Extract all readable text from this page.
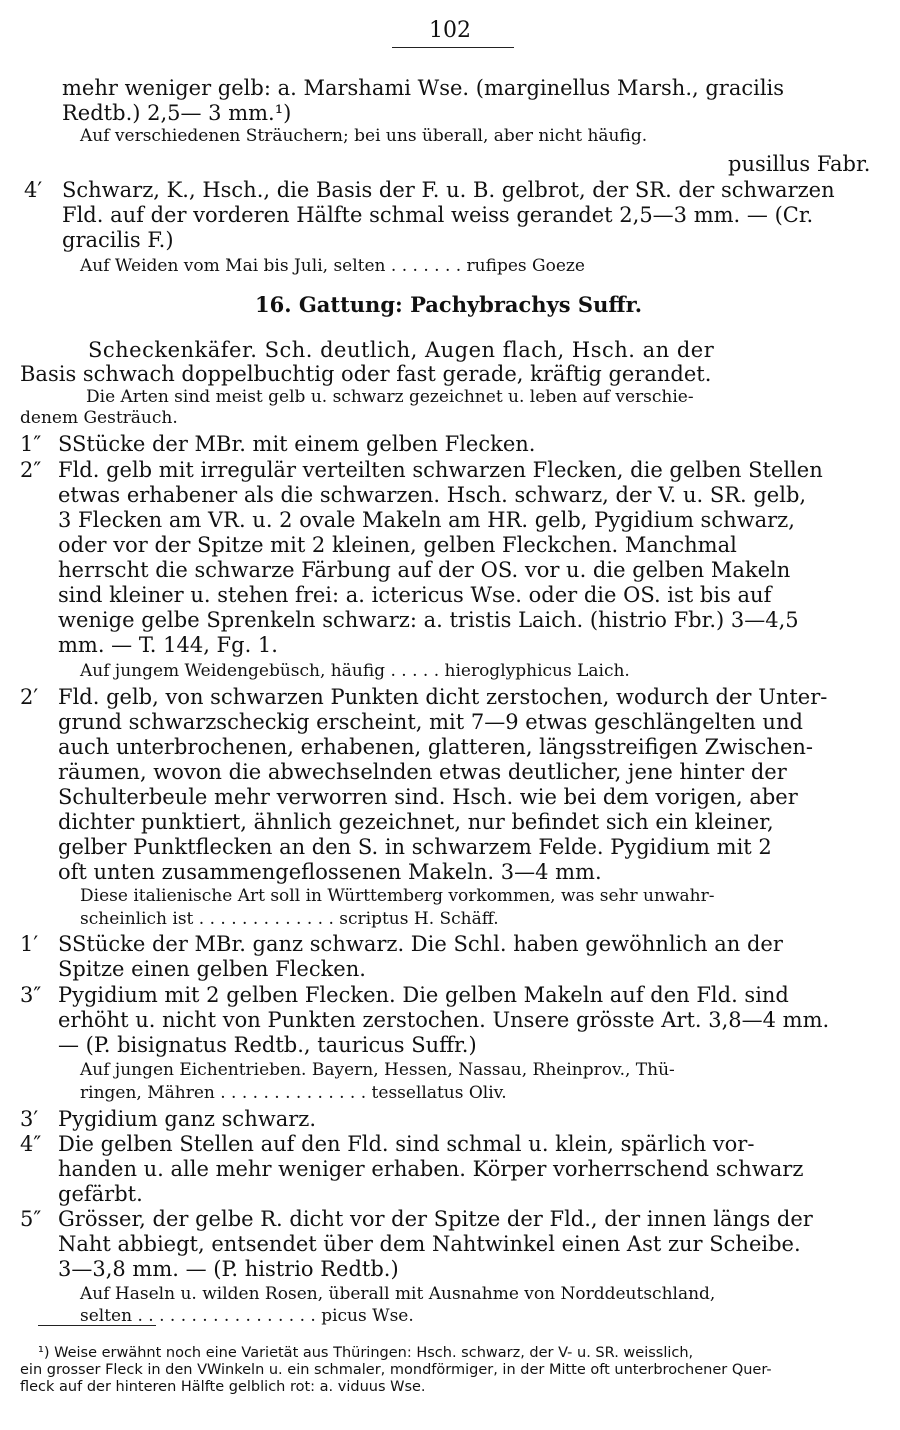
102
mehr weniger gelb: a. Marshami Wse. (marginellus Marsh., gracilis
Redtb.) 2,5— 3 mm.¹)
Auf verschiedenen Sträuchern; bei uns überall, aber nicht häufig.
pusillus Fabr.
4′ Schwarz, K., Hsch., die Basis der F. u. B. gelbrot, der SR. der schwarzen
Fld. auf der vorderen Hälfte schmal weiss gerandet 2,5—3 mm. — (Cr.
gracilis F.)
Auf Weiden vom Mai bis Juli, selten . . . . . . . rufipes Goeze
16. Gattung: Pachybrachys Suffr.
Scheckenkäfer. Sch. deutlich, Augen flach, Hsch. an der
Basis schwach doppelbuchtig oder fast gerade, kräftig gerandet.
Die Arten sind meist gelb u. schwarz gezeichnet u. leben auf verschie-
denem Gesträuch.
1″ SStücke der MBr. mit einem gelben Flecken.
2″ Fld. gelb mit irregulär verteilten schwarzen Flecken, die gelben Stellen
etwas erhabener als die schwarzen. Hsch. schwarz, der V. u. SR. gelb,
3 Flecken am VR. u. 2 ovale Makeln am HR. gelb, Pygidium schwarz,
oder vor der Spitze mit 2 kleinen, gelben Fleckchen. Manchmal
herrscht die schwarze Färbung auf der OS. vor u. die gelben Makeln
sind kleiner u. stehen frei: a. ictericus Wse. oder die OS. ist bis auf
wenige gelbe Sprenkeln schwarz: a. tristis Laich. (histrio Fbr.) 3—4,5
mm. — T. 144, Fg. 1.
Auf jungem Weidengebüsch, häufig . . . . . hieroglyphicus Laich.
2′ Fld. gelb, von schwarzen Punkten dicht zerstochen, wodurch der Unter-
grund schwarzscheckig erscheint, mit 7—9 etwas geschlängelten und
auch unterbrochenen, erhabenen, glatteren, längsstreifigen Zwischen-
räumen, wovon die abwechselnden etwas deutlicher, jene hinter der
Schulterbeule mehr verworren sind. Hsch. wie bei dem vorigen, aber
dichter punktiert, ähnlich gezeichnet, nur befindet sich ein kleiner,
gelber Punktflecken an den S. in schwarzem Felde. Pygidium mit 2
oft unten zusammengeflossenen Makeln. 3—4 mm.
Diese italienische Art soll in Württemberg vorkommen, was sehr unwahr-
scheinlich ist . . . . . . . . . . . . . scriptus H. Schäff.
1′ SStücke der MBr. ganz schwarz. Die Schl. haben gewöhnlich an der
Spitze einen gelben Flecken.
3″ Pygidium mit 2 gelben Flecken. Die gelben Makeln auf den Fld. sind
erhöht u. nicht von Punkten zerstochen. Unsere grösste Art. 3,8—4 mm.
— (P. bisignatus Redtb., tauricus Suffr.)
Auf jungen Eichentrieben. Bayern, Hessen, Nassau, Rheinprov., Thü-
ringen, Mähren . . . . . . . . . . . . . . tessellatus Oliv.
3′ Pygidium ganz schwarz.
4″ Die gelben Stellen auf den Fld. sind schmal u. klein, spärlich vor-
handen u. alle mehr weniger erhaben. Körper vorherrschend schwarz
gefärbt.
5″ Grösser, der gelbe R. dicht vor der Spitze der Fld., der innen längs der
Naht abbiegt, entsendet über dem Nahtwinkel einen Ast zur Scheibe.
3—3,8 mm. — (P. histrio Redtb.)
Auf Haseln u. wilden Rosen, überall mit Ausnahme von Norddeutschland,
selten . . . . . . . . . . . . . . . . . picus Wse.
¹) Weise erwähnt noch eine Varietät aus Thüringen: Hsch. schwarz, der V- u. SR. weisslich,
ein grosser Fleck in den VWinkeln u. ein schmaler, mondförmiger, in der Mitte oft unterbrochener Quer-
fleck auf der hinteren Hälfte gelblich rot: a. viduus Wse.
